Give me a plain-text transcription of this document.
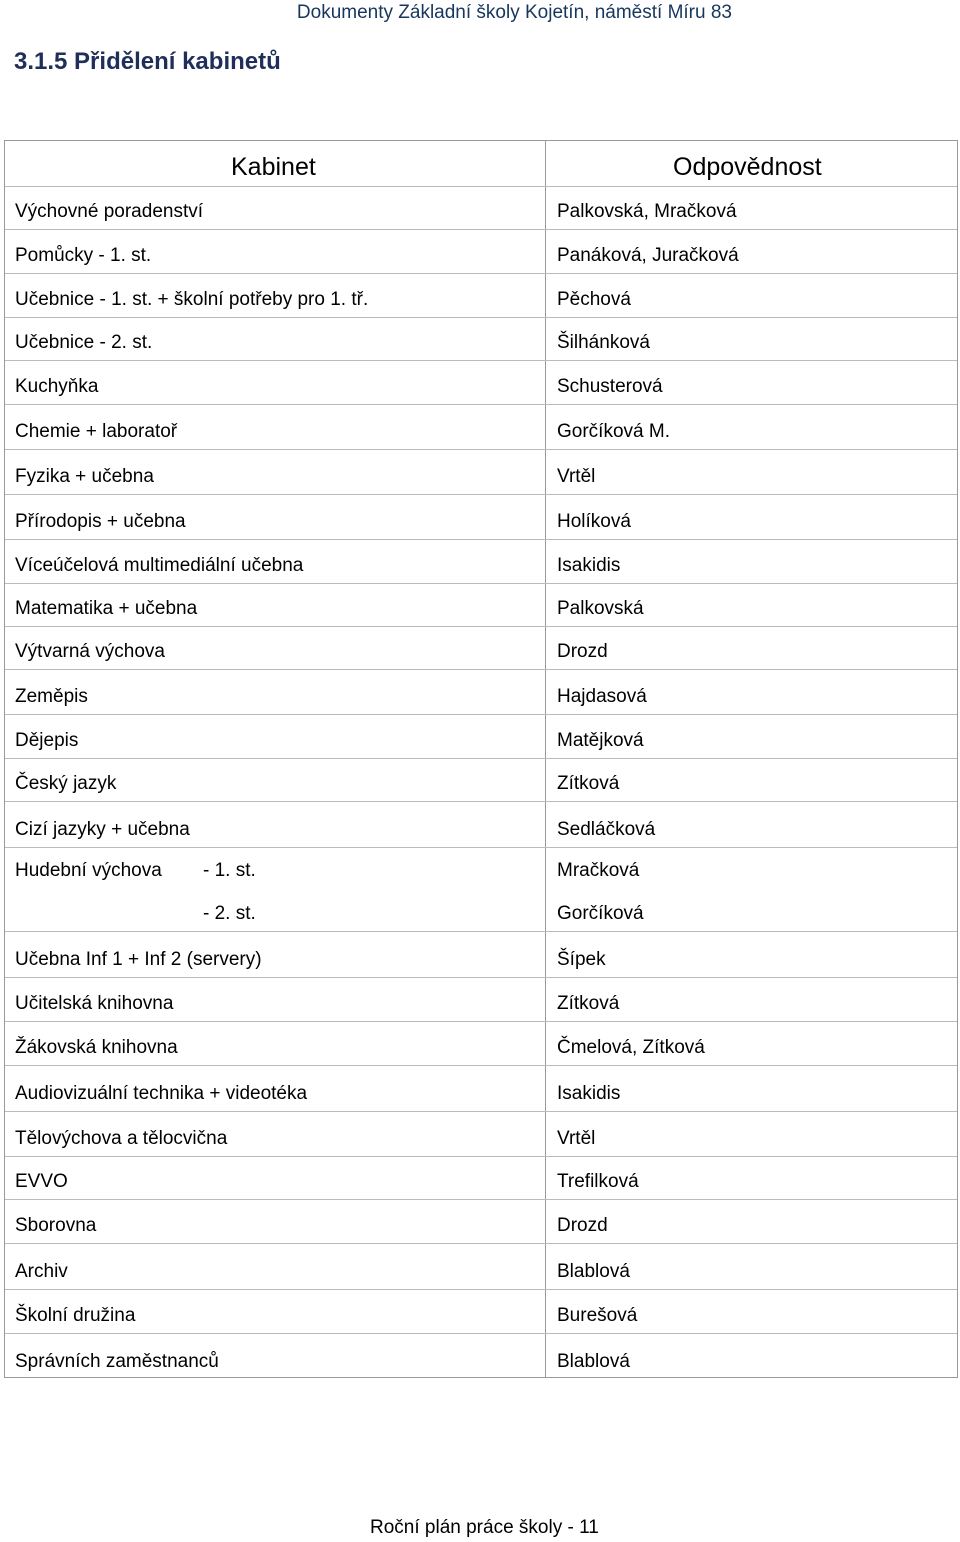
Dokumenty Základní školy Kojetín, náměstí Míru 83
3.1.5 Přidělení kabinetů
Kabinet	Odpovědnost
Výchovné poradenství	Palkovská, Mračková
Pomůcky - 1. st.	Panáková, Juračková
Učebnice - 1. st. + školní potřeby pro 1. tř.	Pěchová
Učebnice - 2. st.	Šilhánková
Kuchyňka	Schusterová
Chemie + laboratoř	Gorčíková M.
Fyzika + učebna	Vrtěl
Přírodopis + učebna	Holíková
Víceúčelová multimediální učebna	Isakidis
Matematika + učebna	Palkovská
Výtvarná výchova	Drozd
Zeměpis	Hajdasová
Dějepis	Matějková
Český jazyk	Zítková
Cizí jazyky + učebna	Sedláčková
Hudební výchova - 1. st.	Mračková
- 2. st.	Gorčíková
Učebna Inf 1 + Inf 2 (servery)	Šípek
Učitelská knihovna	Zítková
Žákovská knihovna	Čmelová, Zítková
Audiovizuální technika + videotéka	Isakidis
Tělovýchova a tělocvična	Vrtěl
EVVO	Trefilková
Sborovna	Drozd
Archiv	Blablová
Školní družina	Burešová
Správních zaměstnanců	Blablová
Roční plán práce školy - 11
